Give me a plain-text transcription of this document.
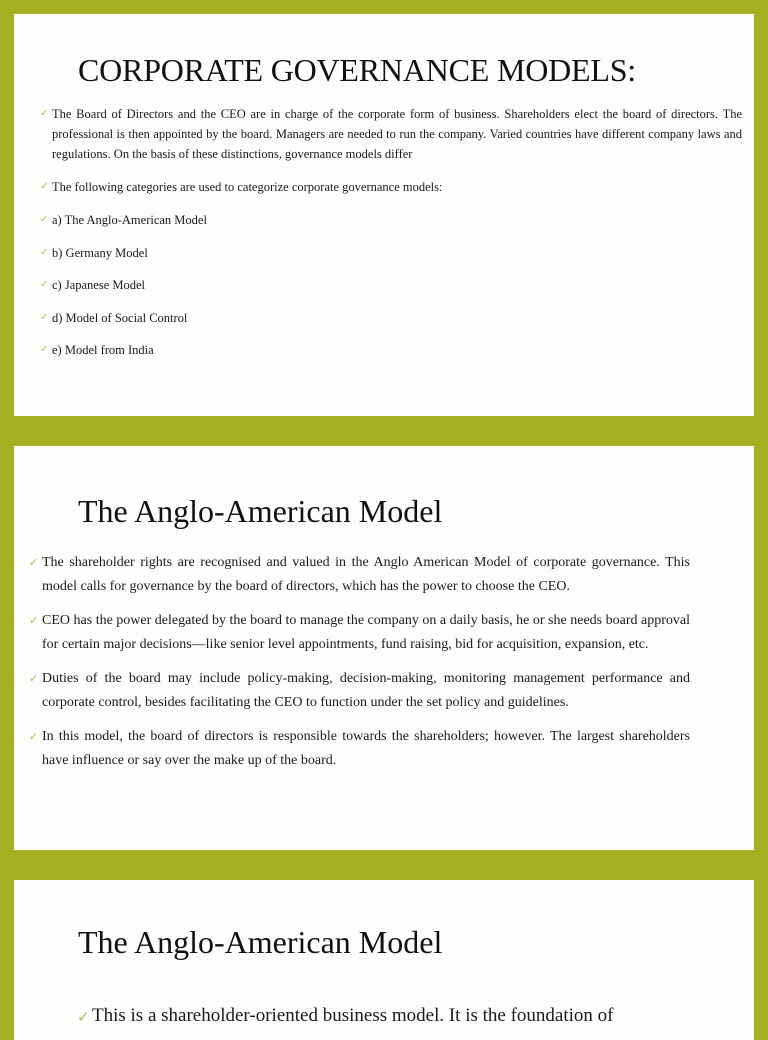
CORPORATE GOVERNANCE MODELS:
✓ The Board of Directors and the CEO are in charge of the corporate form of business. Shareholders elect the board of directors. The professional is then appointed by the board. Managers are needed to run the company. Varied countries have different company laws and regulations. On the basis of these distinctions, governance models differ
✓ The following categories are used to categorize corporate governance models:
✓ a) The Anglo-American Model
✓ b) Germany Model
✓ c) Japanese Model
✓ d) Model of Social Control
✓ e) Model from India
The Anglo-American Model
✓ The shareholder rights are recognised and valued in the Anglo American Model of corporate governance. This model calls for governance by the board of directors, which has the power to choose the CEO.
✓ CEO has the power delegated by the board to manage the company on a daily basis, he or she needs board approval for certain major decisions—like senior level appointments, fund raising, bid for acquisition, expansion, etc.
✓ Duties of the board may include policy-making, decision-making, monitoring management performance and corporate control, besides facilitating the CEO to function under the set policy and guidelines.
✓ In this model, the board of directors is responsible towards the shareholders; however. The largest shareholders have influence or say over the make up of the board.
The Anglo-American Model
✓ This is a shareholder-oriented business model. It is the foundation of
